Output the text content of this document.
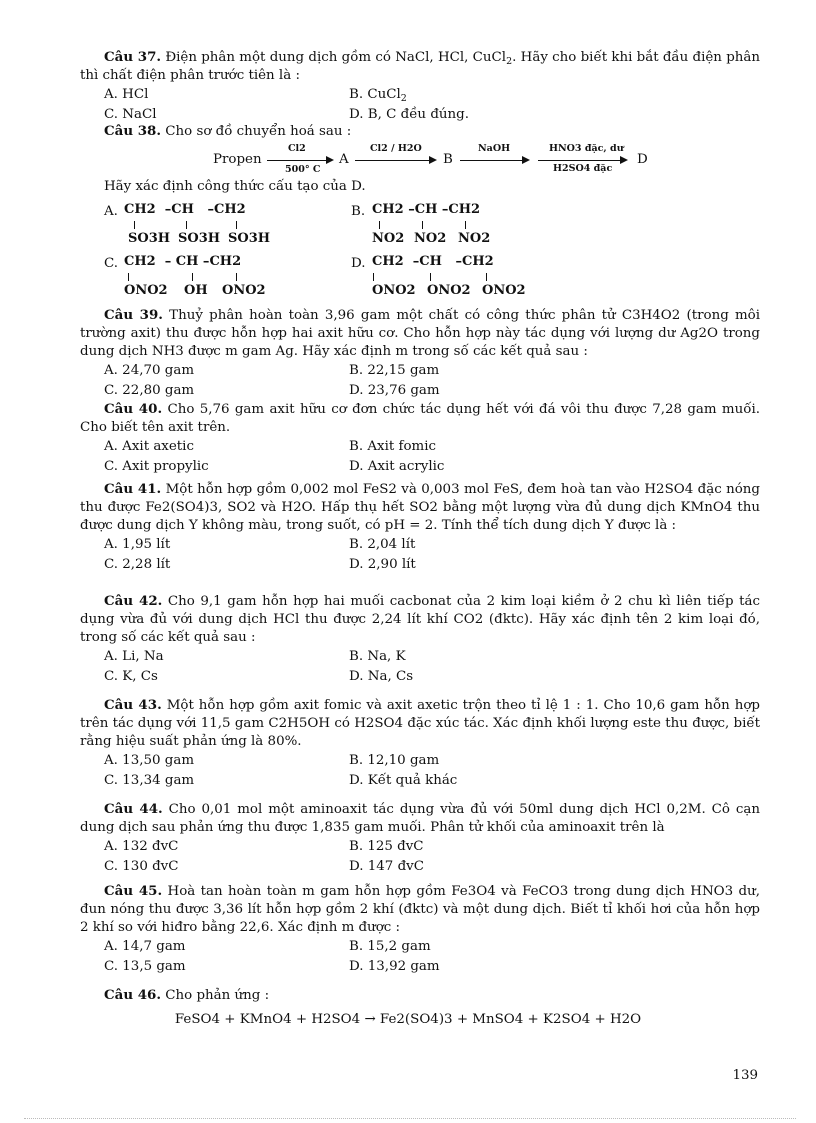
Câu 37. Điện phân một dung dịch gồm có NaCl, HCl, CuCl$_2$. Hãy cho biết khi bắt đầu điện phân thì chất điện phân trước tiên là :

A. HCl	B. CuCl$_2$
C. NaCl	D. B, C đều đúng.

Câu 38. Cho sơ đồ chuyển hoá sau :

Propen
Cl2
500° C
A
Cl2 / H2O
B
NaOH	HNO3 đặc, dư
H2SO4 đặc
D

Hãy xác định công thức cấu tạo của D.

A. CH2  –CH   –CH2
SO3H SO3H SO3H
B. CH2 –CH –CH2
NO2 NO2 NO2
C. CH2  – CH –CH2
ONO2 OH ONO2
D. CH2  –CH   –CH2
ONO2 ONO2 ONO2

Câu 39. Thuỷ phân hoàn toàn 3,96 gam một chất có công thức phân tử C3H4O2 (trong môi trường axit) thu được hỗn hợp hai axit hữu cơ. Cho hỗn hợp này tác dụng với lượng dư Ag2O trong dung dịch NH3 được m gam Ag. Hãy xác định m trong số các kết quả sau :

A. 24,70 gam	B. 22,15 gam
C. 22,80 gam	D. 23,76 gam

Câu 40. Cho 5,76 gam axit hữu cơ đơn chức tác dụng hết với đá vôi thu được 7,28 gam muối. Cho biết tên axit trên.

A. Axit axetic	B. Axit fomic
C. Axit propylic	D. Axit acrylic

Câu 41. Một hỗn hợp gồm 0,002 mol FeS2 và 0,003 mol FeS, đem hoà tan vào H2SO4 đặc nóng thu được Fe2(SO4)3, SO2 và H2O. Hấp thụ hết SO2 bằng một lượng vừa đủ dung dịch KMnO4 thu được dung dịch Y không màu, trong suốt, có pH = 2. Tính thể tích dung dịch Y được là :

A. 1,95 lít	B. 2,04 lít
C. 2,28 lít	D. 2,90 lít

Câu 42. Cho 9,1 gam hỗn hợp hai muối cacbonat của 2 kim loại kiềm ở 2 chu kì liên tiếp tác dụng vừa đủ với dung dịch HCl thu được 2,24 lít khí CO2 (đktc). Hãy xác định tên 2 kim loại đó, trong số các kết quả sau :

A. Li, Na	B. Na, K
C. K, Cs	D. Na, Cs

Câu 43. Một hỗn hợp gồm axit fomic và axit axetic trộn theo tỉ lệ 1 : 1. Cho 10,6 gam hỗn hợp trên tác dụng với 11,5 gam C2H5OH có H2SO4 đặc xúc tác. Xác định khối lượng este thu được, biết rằng hiệu suất phản ứng là 80%.

A. 13,50 gam	B. 12,10 gam
C. 13,34 gam	D. Kết quả khác

Câu 44. Cho 0,01 mol một aminoaxit tác dụng vừa đủ với 50ml dung dịch HCl 0,2M. Cô cạn dung dịch sau phản ứng thu được 1,835 gam muối. Phân tử khối của aminoaxit trên là

A. 132 đvC	B. 125 đvC
C. 130 đvC	D. 147 đvC

Câu 45. Hoà tan hoàn toàn m gam hỗn hợp gồm Fe3O4 và FeCO3 trong dung dịch HNO3 dư, đun nóng thu được 3,36 lít hỗn hợp gồm 2 khí (đktc) và một dung dịch. Biết tỉ khối hơi của hỗn hợp 2 khí so với hiđro bằng 22,6. Xác định m được :

A. 14,7 gam	B. 15,2 gam
C. 13,5 gam	D. 13,92 gam

Câu 46. Cho phản ứng :

FeSO4 + KMnO4 + H2SO4 → Fe2(SO4)3 + MnSO4 + K2SO4 + H2O
139
